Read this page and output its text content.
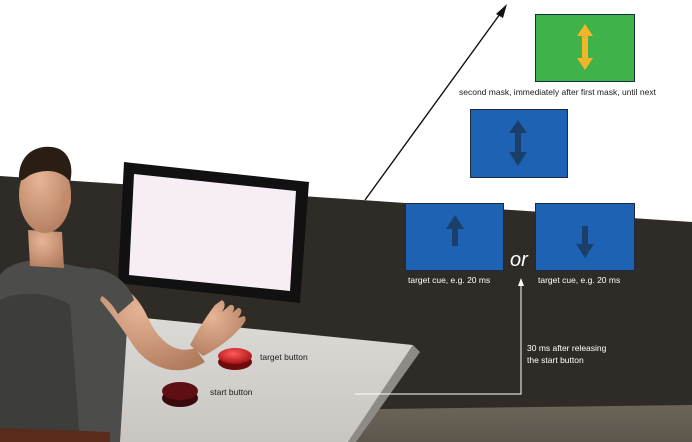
elapsed time second mask, immediately after first mask, until next
first mask, immediately after target cue, 60 ms duration
target cue, e.g. 20 ms	target cue, e.g. 20 ms
or
30 ms after releasing
the start button
target button
start button
